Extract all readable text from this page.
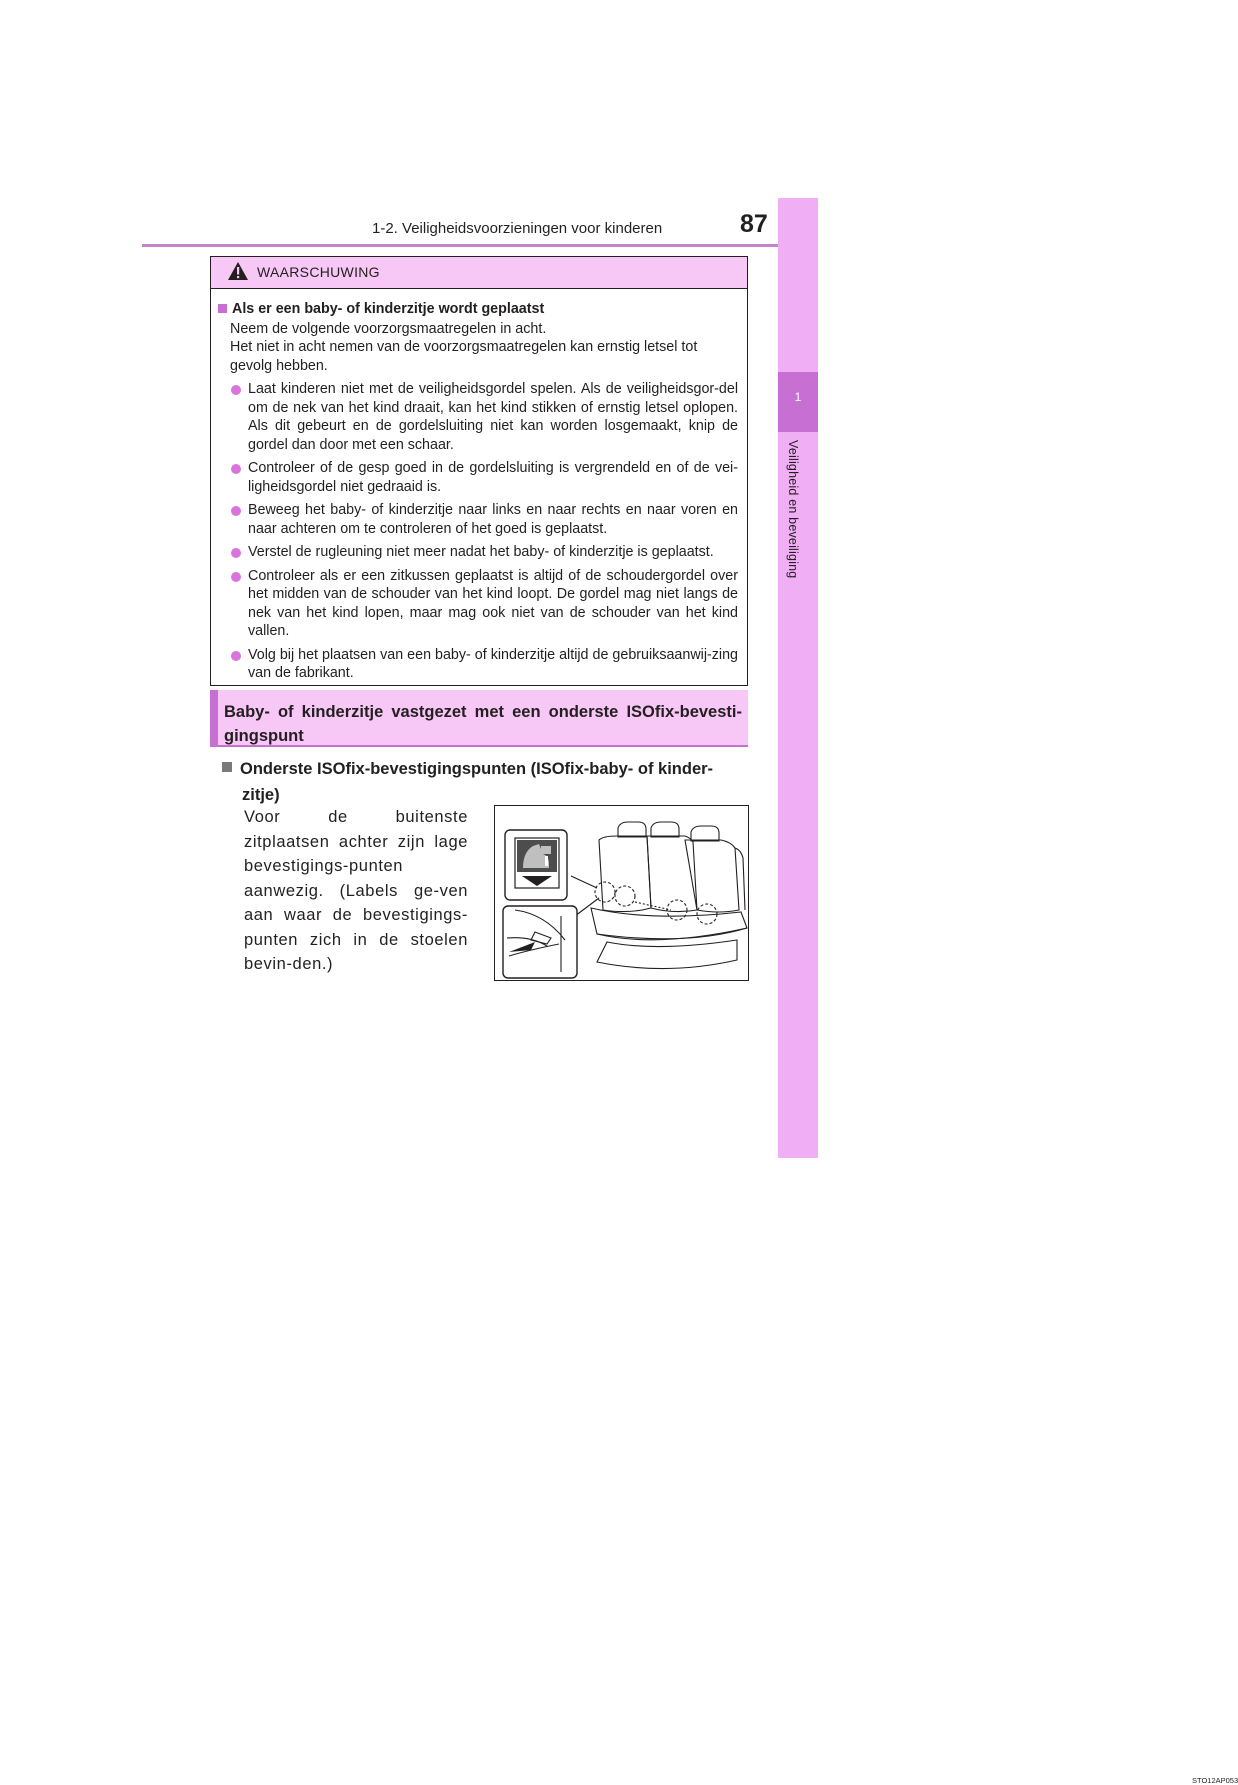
1-2. Veiligheidsvoorzieningen voor kinderen	87
1
Veiligheid en beveiliging
WAARSCHUWING
Als er een baby- of kinderzitje wordt geplaatst
Neem de volgende voorzorgsmaatregelen in acht.
Het niet in acht nemen van de voorzorgsmaatregelen kan ernstig letsel tot gevolg hebben.
Laat kinderen niet met de veiligheidsgordel spelen. Als de veiligheidsgor-del om de nek van het kind draait, kan het kind stikken of ernstig letsel oplopen. Als dit gebeurt en de gordelsluiting niet kan worden losgemaakt, knip de gordel dan door met een schaar.
Controleer of de gesp goed in de gordelsluiting is vergrendeld en of de vei-ligheidsgordel niet gedraaid is.
Beweeg het baby- of kinderzitje naar links en naar rechts en naar voren en naar achteren om te controleren of het goed is geplaatst.
Verstel de rugleuning niet meer nadat het baby- of kinderzitje is geplaatst.
Controleer als er een zitkussen geplaatst is altijd of de schoudergordel over het midden van de schouder van het kind loopt. De gordel mag niet langs de nek van het kind lopen, maar mag ook niet van de schouder van het kind vallen.
Volg bij het plaatsen van een baby- of kinderzitje altijd de gebruiksaanwij-zing van de fabrikant.
Baby- of kinderzitje vastgezet met een onderste ISOfix-bevesti-gingspunt
Onderste ISOfix-bevestigingspunten (ISOfix-baby- of kinder-
zitje)
Voor de buitenste zitplaatsen achter zijn lage bevestigings-punten aanwezig. (Labels ge-ven aan waar de bevestigings-punten zich in de stoelen bevin-den.)
STO12AP053
